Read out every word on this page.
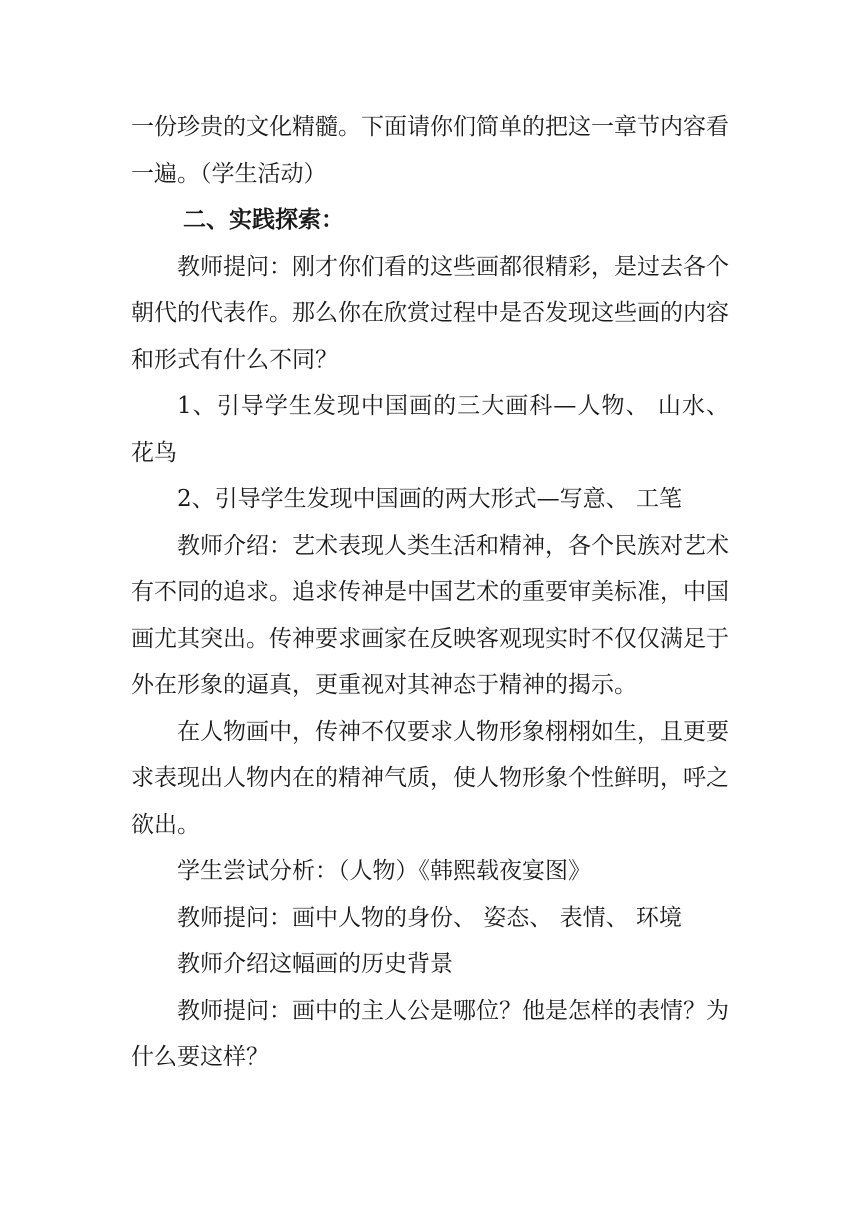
一份珍贵的文化精髓。下面请你们简单的把这一章节内容看一遍。（学生活动）

二、实践探索：

教师提问：刚才你们看的这些画都很精彩，是过去各个朝代的代表作。那么你在欣赏过程中是否发现这些画的内容和形式有什么不同？

1、引导学生发现中国画的三大画科—人物、 山水、 花鸟

2、引导学生发现中国画的两大形式—写意、 工笔

教师介绍：艺术表现人类生活和精神，各个民族对艺术有不同的追求。追求传神是中国艺术的重要审美标准，中国画尤其突出。传神要求画家在反映客观现实时不仅仅满足于外在形象的逼真，更重视对其神态于精神的揭示。

在人物画中，传神不仅要求人物形象栩栩如生，且更要求表现出人物内在的精神气质，使人物形象个性鲜明，呼之欲出。

学生尝试分析：（人物）《韩熙载夜宴图》

教师提问：画中人物的身份、 姿态、 表情、 环境

教师介绍这幅画的历史背景

教师提问：画中的主人公是哪位？他是怎样的表情？为什么要这样？
